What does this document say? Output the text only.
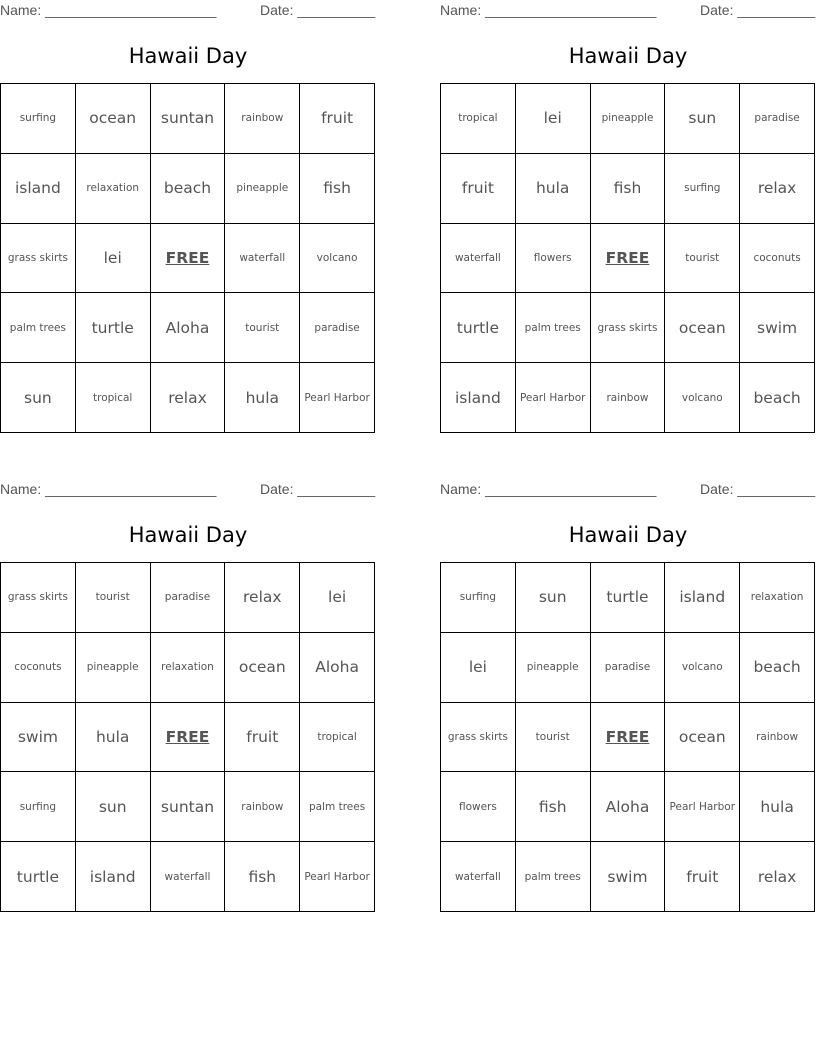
Name: ______________________	Date: __________
Hawaii Day
surfing	ocean	suntan	rainbow	fruit
island	relaxation	beach	pineapple	fish
grass skirts	lei	FREE	waterfall	volcano
palm trees	turtle	Aloha	tourist	paradise
sun	tropical	relax	hula	Pearl Harbor
Name: ______________________	Date: __________
Hawaii Day
tropical	lei	pineapple	sun	paradise
fruit	hula	fish	surfing	relax
waterfall	flowers	FREE	tourist	coconuts
turtle	palm trees	grass skirts	ocean	swim
island	Pearl Harbor	rainbow	volcano	beach
Name: ______________________	Date: __________
Hawaii Day
grass skirts	tourist	paradise	relax	lei
coconuts	pineapple	relaxation	ocean	Aloha
swim	hula	FREE	fruit	tropical
surfing	sun	suntan	rainbow	palm trees
turtle	island	waterfall	fish	Pearl Harbor
Name: ______________________	Date: __________
Hawaii Day
surfing	sun	turtle	island	relaxation
lei	pineapple	paradise	volcano	beach
grass skirts	tourist	FREE	ocean	rainbow
flowers	fish	Aloha	Pearl Harbor	hula
waterfall	palm trees	swim	fruit	relax
